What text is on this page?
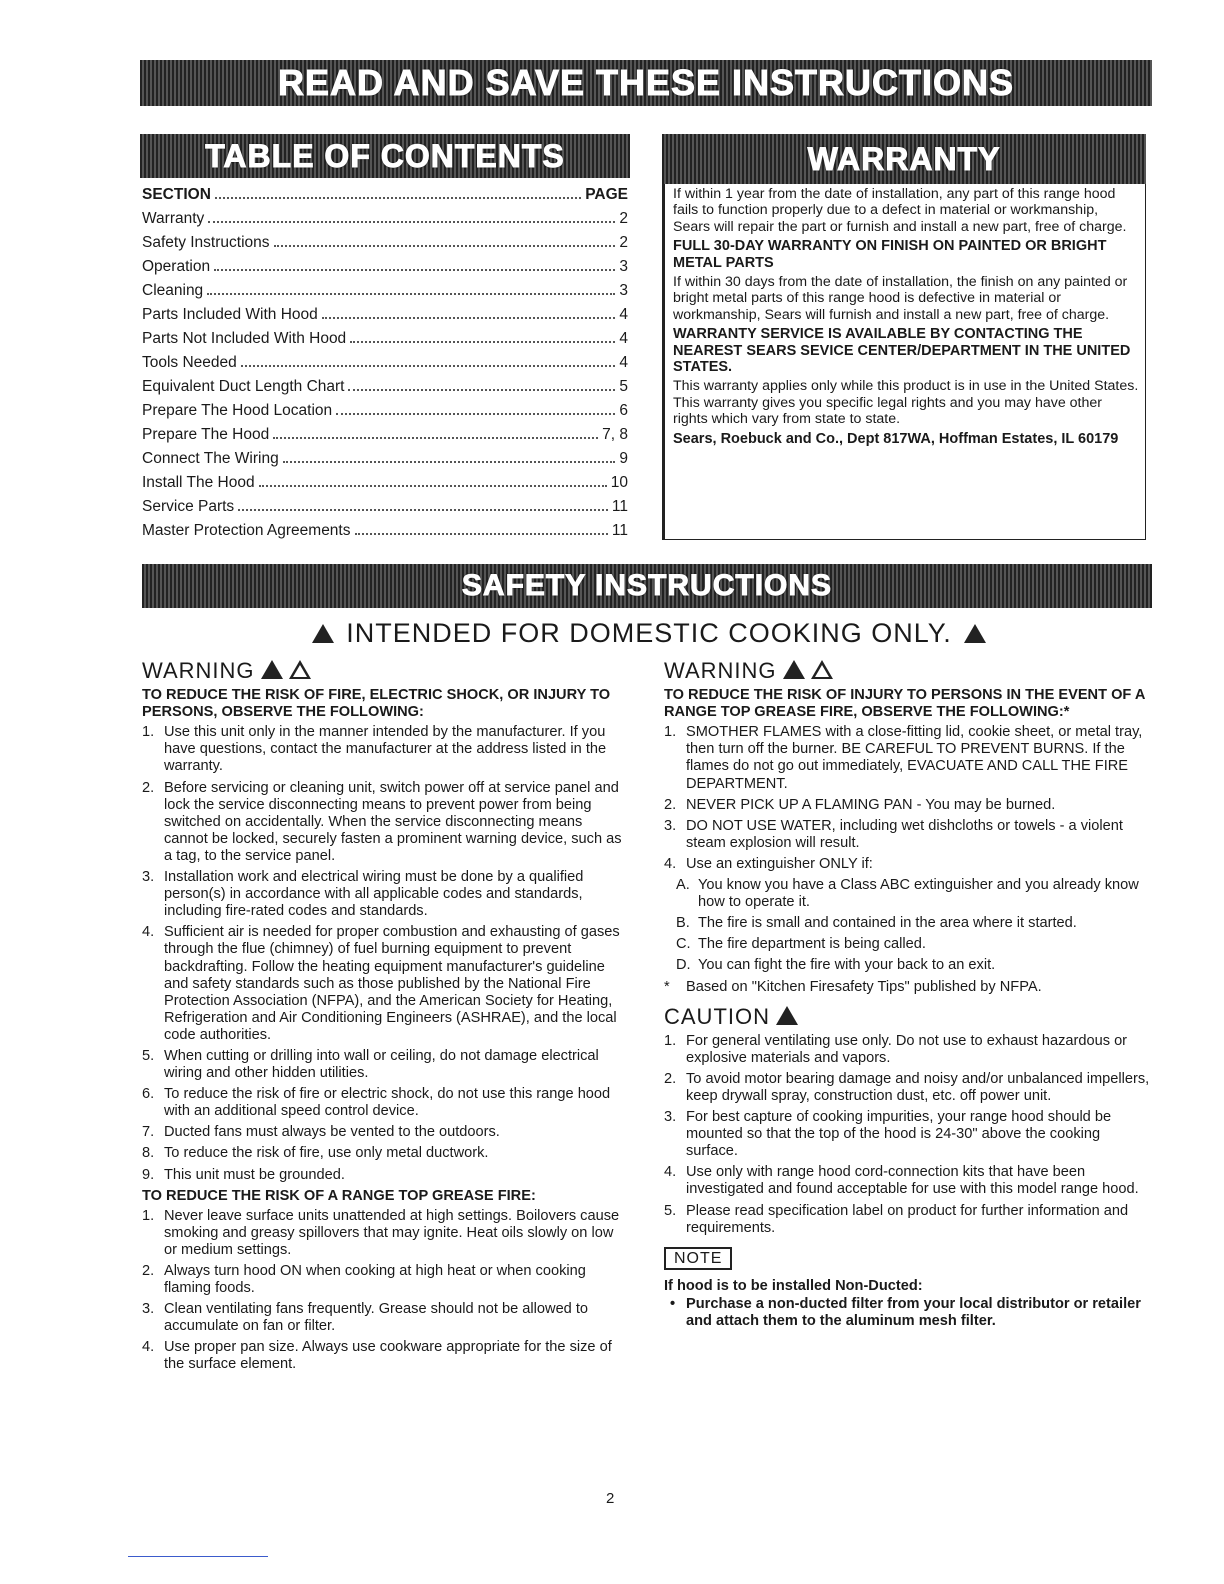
READ AND SAVE THESE INSTRUCTIONS
TABLE OF CONTENTS	WARRANTY
SECTION	PAGE
Warranty	2
Safety Instructions	2
Operation	3
Cleaning	3
Parts Included With Hood	4
Parts Not Included With Hood	4
Tools Needed	4
Equivalent Duct Length Chart	5
Prepare The Hood Location	6
Prepare The Hood	7, 8
Connect The Wiring	9
Install The Hood	10
Service Parts	11
Master Protection Agreements	11

If within 1 year from the date of installation, any part of this range hood fails to function properly due to a defect in material or workmanship, Sears will repair the part or furnish and install a new part, free of charge.

FULL 30-DAY WARRANTY ON FINISH ON PAINTED OR BRIGHT METAL PARTS

If within 30 days from the date of installation, the finish on any painted or bright metal parts of this range hood is defective in material or workmanship, Sears will furnish and install a new part, free of charge.

WARRANTY SERVICE IS AVAILABLE BY CONTACTING THE NEAREST SEARS SEVICE CENTER/DEPARTMENT IN THE UNITED STATES.

This warranty applies only while this product is in use in the United States. This warranty gives you specific legal rights and you may have other rights which vary from state to state.

Sears, Roebuck and Co., Dept 817WA, Hoffman Estates, IL 60179
SAFETY INSTRUCTIONS
INTENDED FOR DOMESTIC COOKING ONLY.
WARNING
TO REDUCE THE RISK OF FIRE, ELECTRIC SHOCK, OR INJURY TO PERSONS, OBSERVE THE FOLLOWING:
1. Use this unit only in the manner intended by the manufacturer. If you have questions, contact the manufacturer at the address listed in the warranty.
2. Before servicing or cleaning unit, switch power off at service panel and lock the service disconnecting means to prevent power from being switched on accidentally. When the service disconnecting means cannot be locked, securely fasten a prominent warning device, such as a tag, to the service panel.
3. Installation work and electrical wiring must be done by a qualified person(s) in accordance with all applicable codes and standards, including fire-rated codes and standards.
4. Sufficient air is needed for proper combustion and exhausting of gases through the flue (chimney) of fuel burning equipment to prevent backdrafting. Follow the heating equipment manufacturer's guideline and safety standards such as those published by the National Fire Protection Association (NFPA), and the American Society for Heating, Refrigeration and Air Conditioning Engineers (ASHRAE), and the local code authorities.
5. When cutting or drilling into wall or ceiling, do not damage electrical wiring and other hidden utilities.
6. To reduce the risk of fire or electric shock, do not use this range hood with an additional speed control device.
7. Ducted fans must always be vented to the outdoors.
8. To reduce the risk of fire, use only metal ductwork.
9. This unit must be grounded.
TO REDUCE THE RISK OF A RANGE TOP GREASE FIRE:
1. Never leave surface units unattended at high settings. Boilovers cause smoking and greasy spillovers that may ignite. Heat oils slowly on low or medium settings.
2. Always turn hood ON when cooking at high heat or when cooking flaming foods.
3. Clean ventilating fans frequently. Grease should not be allowed to accumulate on fan or filter.
4. Use proper pan size. Always use cookware appropriate for the size of the surface element.
2
WARNING
TO REDUCE THE RISK OF INJURY TO PERSONS IN THE EVENT OF A RANGE TOP GREASE FIRE, OBSERVE THE FOLLOWING:*
1. SMOTHER FLAMES with a close-fitting lid, cookie sheet, or metal tray, then turn off the burner. BE CAREFUL TO PREVENT BURNS. If the flames do not go out immediately, EVACUATE AND CALL THE FIRE DEPARTMENT.
2. NEVER PICK UP A FLAMING PAN - You may be burned.
3. DO NOT USE WATER, including wet dishcloths or towels - a violent steam explosion will result.
4. Use an extinguisher ONLY if:
A. You know you have a Class ABC extinguisher and you already know how to operate it.
B. The fire is small and contained in the area where it started.
C. The fire department is being called.
D. You can fight the fire with your back to an exit.
* Based on "Kitchen Firesafety Tips" published by NFPA.
CAUTION
1. For general ventilating use only. Do not use to exhaust hazardous or explosive materials and vapors.
2. To avoid motor bearing damage and noisy and/or unbalanced impellers, keep drywall spray, construction dust, etc. off power unit.
3. For best capture of cooking impurities, your range hood should be mounted so that the top of the hood is 24-30" above the cooking surface.
4. Use only with range hood cord-connection kits that have been investigated and found acceptable for use with this model range hood.
5. Please read specification label on product for further information and requirements.
NOTE
If hood is to be installed Non-Ducted:
• Purchase a non-ducted filter from your local distributor or retailer and attach them to the aluminum mesh filter.
